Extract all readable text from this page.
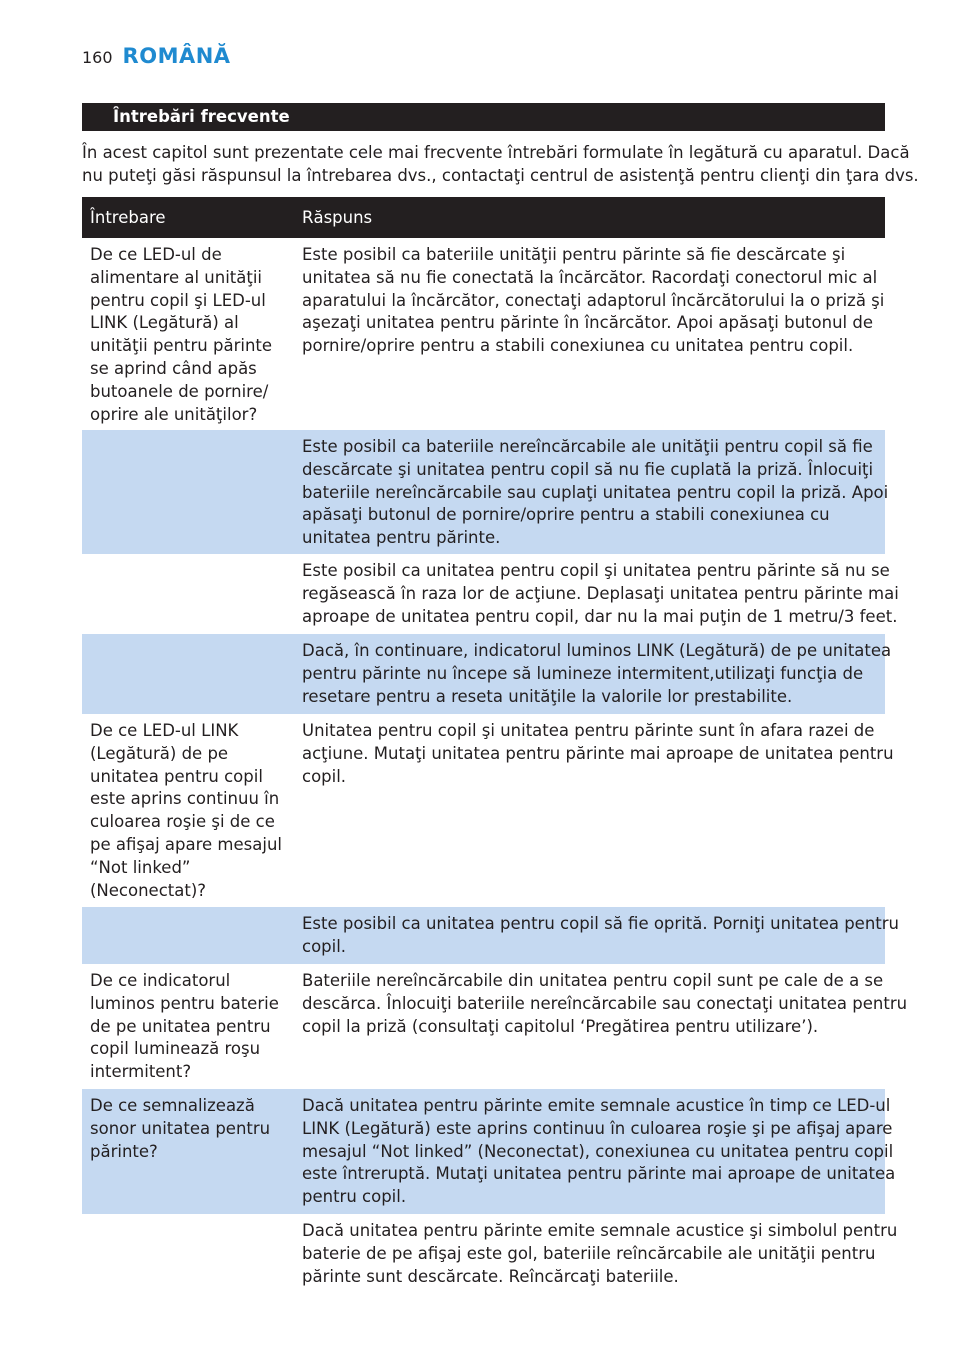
160 ROMÂNĂ
Întrebări frecvente
În acest capitol sunt prezentate cele mai frecvente întrebări formulate în legătură cu aparatul. Dacă
nu puteţi găsi răspunsul la întrebarea dvs., contactaţi centrul de asistenţă pentru clienţi din ţara dvs.
Întrebare	Răspuns
De ce LED-ul de
alimentare al unităţii
pentru copil şi LED-ul
LINK (Legătură) al
unităţii pentru părinte
se aprind când apăs
butoanele de pornire/
oprire ale unităţilor?
Este posibil ca bateriile unităţii pentru părinte să fie descărcate şi
unitatea să nu fie conectată la încărcător. Racordaţi conectorul mic al
aparatului la încărcător, conectaţi adaptorul încărcătorului la o priză şi
aşezaţi unitatea pentru părinte în încărcător. Apoi apăsaţi butonul de
pornire/oprire pentru a stabili conexiunea cu unitatea pentru copil.
Este posibil ca bateriile nereîncărcabile ale unităţii pentru copil să fie
descărcate şi unitatea pentru copil să nu fie cuplată la priză. Înlocuiţi
bateriile nereîncărcabile sau cuplaţi unitatea pentru copil la priză. Apoi
apăsaţi butonul de pornire/oprire pentru a stabili conexiunea cu
unitatea pentru părinte.
Este posibil ca unitatea pentru copil şi unitatea pentru părinte să nu se
regăsească în raza lor de acţiune. Deplasaţi unitatea pentru părinte mai
aproape de unitatea pentru copil, dar nu la mai puţin de 1 metru/3 feet.
Dacă, în continuare, indicatorul luminos LINK (Legătură) de pe unitatea
pentru părinte nu începe să lumineze intermitent,utilizaţi funcţia de
resetare pentru a reseta unităţile la valorile lor prestabilite.
De ce LED-ul LINK
(Legătură) de pe
unitatea pentru copil
este aprins continuu în
culoarea roşie şi de ce
pe afişaj apare mesajul
“Not linked”
(Neconectat)?
Unitatea pentru copil şi unitatea pentru părinte sunt în afara razei de
acţiune. Mutaţi unitatea pentru părinte mai aproape de unitatea pentru
copil.
Este posibil ca unitatea pentru copil să fie oprită. Porniţi unitatea pentru
copil.
De ce indicatorul
luminos pentru baterie
de pe unitatea pentru
copil luminează roşu
intermitent?
Bateriile nereîncărcabile din unitatea pentru copil sunt pe cale de a se
descărca. Înlocuiţi bateriile nereîncărcabile sau conectaţi unitatea pentru
copil la priză (consultaţi capitolul ‘Pregătirea pentru utilizare’).
De ce semnalizează
sonor unitatea pentru
părinte?
Dacă unitatea pentru părinte emite semnale acustice în timp ce LED-ul
LINK (Legătură) este aprins continuu în culoarea roşie şi pe afişaj apare
mesajul “Not linked” (Neconectat), conexiunea cu unitatea pentru copil
este întreruptă. Mutaţi unitatea pentru părinte mai aproape de unitatea
pentru copil.
Dacă unitatea pentru părinte emite semnale acustice şi simbolul pentru
baterie de pe afişaj este gol, bateriile reîncărcabile ale unităţii pentru
părinte sunt descărcate. Reîncărcaţi bateriile.
